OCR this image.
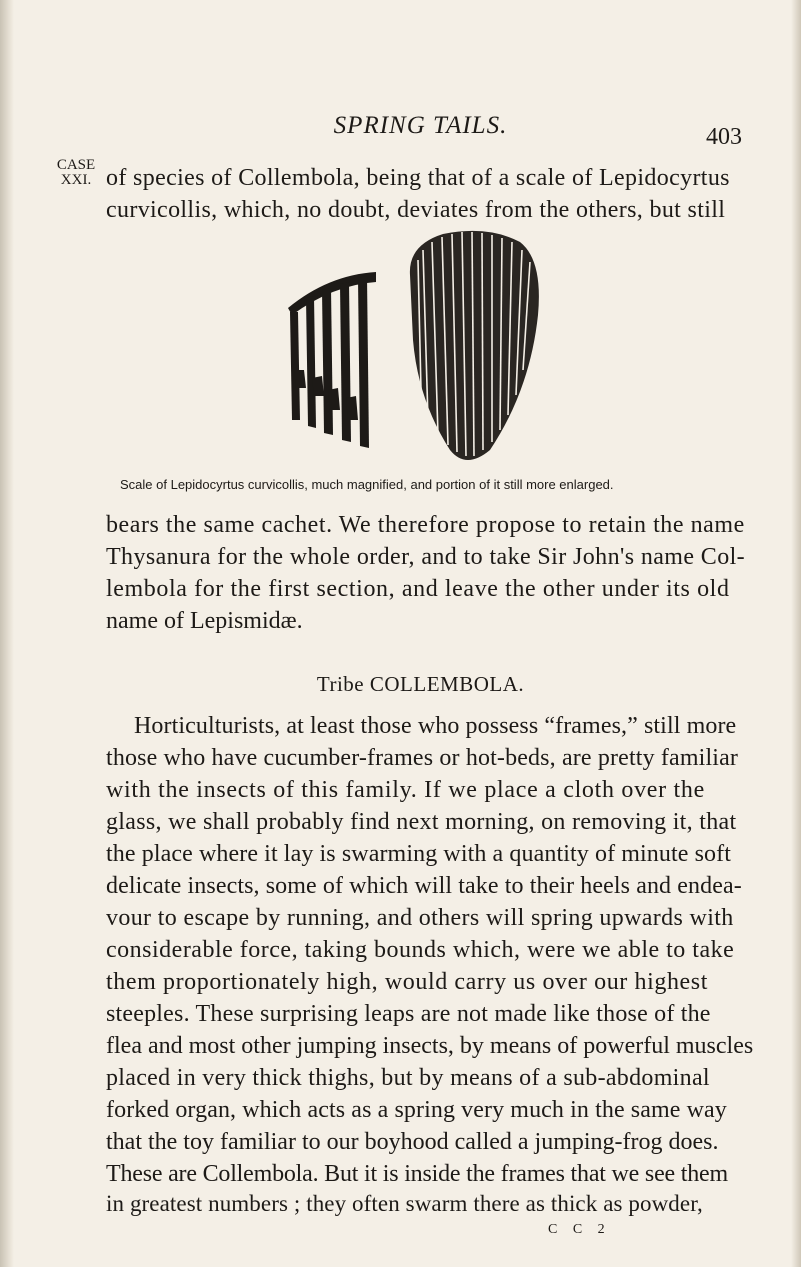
SPRING TAILS.	403
CASE
XXI. of species of Collembola, being that of a scale of Lepidocyrtus
curvicollis, which, no doubt, deviates from the others, but still
Scale of Lepidocyrtus curvicollis, much magnified, and portion of it still more enlarged.
bears the same cachet. We therefore propose to retain the name
Thysanura for the whole order, and to take Sir John's name Col-
lembola for the first section, and leave the other under its old
name of Lepismidæ.
Tribe COLLEMBOLA.
Horticulturists, at least those who possess “frames,” still more
those who have cucumber-frames or hot-beds, are pretty familiar
with the insects of this family. If we place a cloth over the
glass, we shall probably find next morning, on removing it, that
the place where it lay is swarming with a quantity of minute soft
delicate insects, some of which will take to their heels and endea-
vour to escape by running, and others will spring upwards with
considerable force, taking bounds which, were we able to take
them proportionately high, would carry us over our highest
steeples. These surprising leaps are not made like those of the
flea and most other jumping insects, by means of powerful muscles
placed in very thick thighs, but by means of a sub-abdominal
forked organ, which acts as a spring very much in the same way
that the toy familiar to our boyhood called a jumping-frog does.
These are Collembola. But it is inside the frames that we see them
in greatest numbers ; they often swarm there as thick as powder,
C C 2
